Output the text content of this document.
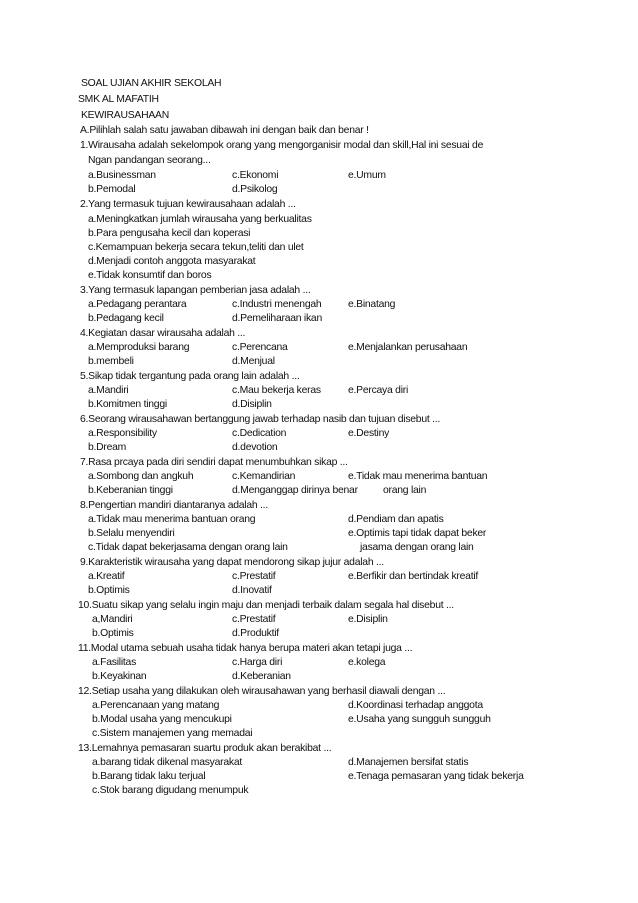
SOAL UJIAN AKHIR SEKOLAH
SMK AL MAFATIH
KEWIRAUSAHAAN
A.Pilihlah salah satu jawaban dibawah ini dengan baik dan benar !
1.Wirausaha adalah sekelompok orang yang mengorganisir modal dan skill,Hal ini sesuai de
Ngan pandangan seorang...
a.Businessman	c.Ekonomi	e.Umum
b.Pemodal	d.Psikolog
2.Yang termasuk tujuan kewirausahaan adalah ...
a.Meningkatkan jumlah wirausaha yang berkualitas
b.Para pengusaha kecil dan koperasi
c.Kemampuan bekerja secara tekun,teliti dan ulet
d.Menjadi contoh anggota masyarakat
e.Tidak konsumtif dan boros
3.Yang termasuk lapangan pemberian jasa adalah ...
a.Pedagang perantara	c.Industri menengah	e.Binatang
b.Pedagang kecil	d.Pemeliharaan ikan
4.Kegiatan dasar wirausaha adalah ...
a.Memproduksi barang	c.Perencana	e.Menjalankan perusahaan
b.membeli	d.Menjual
5.Sikap tidak tergantung pada orang lain adalah ...
a.Mandiri	c.Mau bekerja keras	e.Percaya diri
b.Komitmen tinggi	d.Disiplin
6.Seorang wirausahawan bertanggung jawab terhadap nasib dan tujuan disebut ...
a.Responsibility	c.Dedication	e.Destiny
b.Dream	d.devotion
7.Rasa prcaya pada diri sendiri dapat menumbuhkan sikap ...
a.Sombong dan angkuh	c.Kemandirian	e.Tidak mau menerima bantuan
b.Keberanian tinggi	d.Menganggap dirinya benar orang lain
8.Pengertian mandiri diantaranya adalah ...
a.Tidak mau menerima bantuan orang	d.Pendiam dan apatis
b.Selalu menyendiri	e.Optimis tapi tidak dapat beker
c.Tidak dapat bekerjasama dengan orang lain	jasama dengan orang lain
9.Karakteristik wirausaha yang dapat mendorong sikap jujur adalah ...
a.Kreatif	c.Prestatif	e.Berfikir dan bertindak kreatif
b.Optimis	d.Inovatif
10.Suatu sikap yang selalu ingin maju dan menjadi terbaik dalam segala hal disebut ...
a,Mandiri	c.Prestatif	e.Disiplin
b.Optimis	d.Produktif
11.Modal utama sebuah usaha tidak hanya berupa materi akan tetapi juga ...
a.Fasilitas	c.Harga diri	e.kolega
b.Keyakinan	d.Keberanian
12.Setiap usaha yang dilakukan oleh wirausahawan yang berhasil diawali dengan ...
a.Perencanaan yang matang	d.Koordinasi terhadap anggota
b.Modal usaha yang mencukupi	e.Usaha yang sungguh sungguh
c.Sistem manajemen yang memadai
13.Lemahnya pemasaran suartu produk akan berakibat ...
a.barang tidak dikenal masyarakat	d.Manajemen bersifat statis
b.Barang tidak laku terjual	e.Tenaga pemasaran yang tidak bekerja
c.Stok barang digudang menumpuk
